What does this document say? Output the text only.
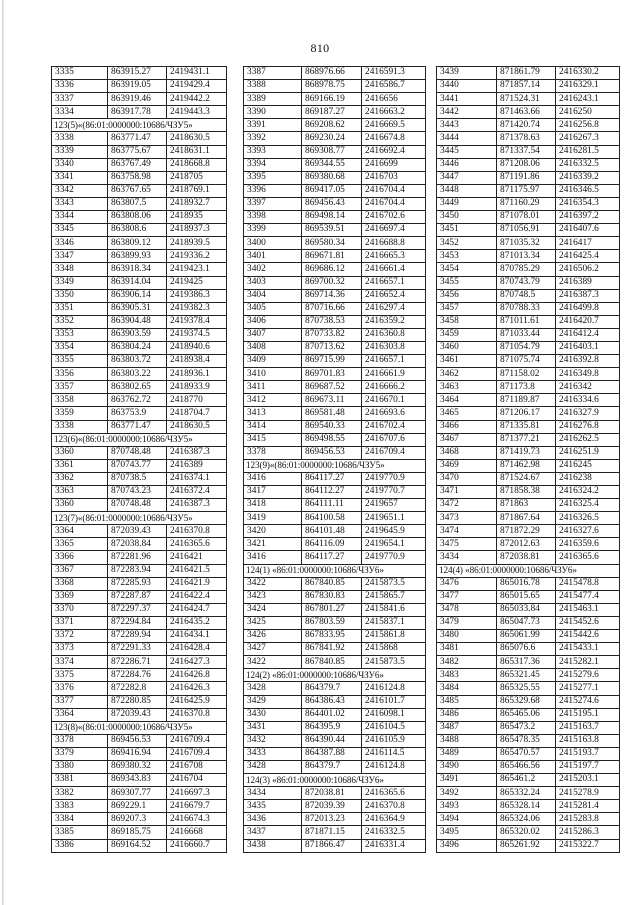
810
3335	863915.27	2419431.1
3336	863919.05	2419429.4
3337	863919.46	2419442.2
3334	863917.78	2419443.3
123(5)«(86:01:0000000:10686/ЧЗУ5»		
3338	863771.47	2418630.5
3339	863775.67	2418631.1
3340	863767.49	2418668.8
3341	863758.98	2418705
3342	863767.65	2418769.1
3343	863807.5	2418932.7
3344	863808.06	2418935
3345	863808.6	2418937.3
3346	863809.12	2418939.5
3347	863899.93	2419336.2
3348	863918.34	2419423.1
3349	863914.04	2419425
3350	863906.14	2419386.3
3351	863905.31	2419382.3
3352	863904.48	2419378.4
3353	863903.59	2419374.5
3354	863804.24	2418940.6
3355	863803.72	2418938.4
3356	863803.22	2418936.1
3357	863802.65	2418933.9
3358	863762.72	2418770
3359	863753.9	2418704.7
3338	863771.47	2418630.5
123(6)«(86:01:0000000:10686/ЧЗУ5»		
3360	870748.48	2416387.3
3361	870743.77	2416389
3362	870738.5	2416374.1
3363	870743.23	2416372.4
3360	870748.48	2416387.3
123(7)«(86:01:0000000:10686/ЧЗУ5»		
3364	872039.43	2416370.8
3365	872038.84	2416365.6
3366	872281.96	2416421
3367	872283.94	2416421.5
3368	872285.93	2416421.9
3369	872287.87	2416422.4
3370	872297.37	2416424.7
3371	872294.84	2416435.2
3372	872289.94	2416434.1
3373	872291.33	2416428.4
3374	872286.71	2416427.3
3375	872284.76	2416426.8
3376	872282.8	2416426.3
3377	872280.85	2416425.9
3364	872039.43	2416370.8
123(8)«(86:01:0000000:10686/ЧЗУ5»		
3378	869456.53	2416709.4
3379	869416.94	2416709.4
3380	869380.32	2416708
3381	869343.83	2416704
3382	869307.77	2416697.3
3383	869229.1	2416679.7
3384	869207.3	2416674.3
3385	869185.75	2416668
3386	869164.52	2416660.7
3387	868976.66	2416591.3
3388	868978.75	2416586.7
3389	869166.19	2416656
3390	869187.27	2416663.2
3391	869208.62	2416669.5
3392	869230.24	2416674.8
3393	869308.77	2416692.4
3394	869344.55	2416699
3395	869380.68	2416703
3396	869417.05	2416704.4
3397	869456.43	2416704.4
3398	869498.14	2416702.6
3399	869539.51	2416697.4
3400	869580.34	2416688.8
3401	869671.81	2416665.3
3402	869686.12	2416661.4
3403	869700.32	2416657.1
3404	869714.36	2416652.4
3405	870716.66	2416297.4
3406	870738.53	2416359.2
3407	870733.82	2416360.8
3408	870713.62	2416303.8
3409	869715.99	2416657.1
3410	869701.83	2416661.9
3411	869687.52	2416666.2
3412	869673.11	2416670.1
3413	869581.48	2416693.6
3414	869540.33	2416702.4
3415	869498.55	2416707.6
3378	869456.53	2416709.4
123(9)«(86:01:0000000:10686/ЧЗУ5»		
3416	864117.27	2419770.9
3417	864112.27	2419770.7
3418	864111.11	2419657
3419	864100.58	2419651.1
3420	864101.48	2419645.9
3421	864116.09	2419654.1
3416	864117.27	2419770.9
124(1) «86:01:0000000:10686/ЧЗУ6»		
3422	867840.85	2415873.5
3423	867830.83	2415865.7
3424	867801.27	2415841.6
3425	867803.59	2415837.1
3426	867833.95	2415861.8
3427	867841.92	2415868
3422	867840.85	2415873.5
124(2) «86:01:0000000:10686/ЧЗУ6»		
3428	864379.7	2416124.8
3429	864386.43	2416101.7
3430	864401.02	2416098.1
3431	864395.9	2416104.5
3432	864390.44	2416105.9
3433	864387.88	2416114.5
3428	864379.7	2416124.8
124(3) «86:01:0000000:10686/ЧЗУ6»		
3434	872038.81	2416365.6
3435	872039.39	2416370.8
3436	872013.23	2416364.9
3437	871871.15	2416332.5
3438	871866.47	2416331.4
3439	871861.79	2416330.2
3440	871857.14	2416329.1
3441	871524.31	2416243.1
3442	871463.66	2416250
3443	871420.74	2416256.8
3444	871378.63	2416267.3
3445	871337.54	2416281.5
3446	871208.06	2416332.5
3447	871191.86	2416339.2
3448	871175.97	2416346.5
3449	871160.29	2416354.3
3450	871078.01	2416397.2
3451	871056.91	2416407.6
3452	871035.32	2416417
3453	871013.34	2416425.4
3454	870785.29	2416506.2
3455	870743.79	2416389
3456	870748.5	2416387.3
3457	870788.33	2416499.8
3458	871011.61	2416420.7
3459	871033.44	2416412.4
3460	871054.79	2416403.1
3461	871075.74	2416392.8
3462	871158.02	2416349.8
3463	871173.8	2416342
3464	871189.87	2416334.6
3465	871206.17	2416327.9
3466	871335.81	2416276.8
3467	871377.21	2416262.5
3468	871419.73	2416251.9
3469	871462.98	2416245
3470	871524.67	2416238
3471	871858.38	2416324.2
3472	871863	2416325.4
3473	871867.64	2416326.5
3474	871872.29	2416327.6
3475	872012.63	2416359.6
3434	872038.81	2416365.6
124(4) «86:01:0000000:10686/ЧЗУ6»		
3476	865016.78	2415478.8
3477	865015.65	2415477.4
3478	865033.84	2415463.1
3479	865047.73	2415452.6
3480	865061.99	2415442.6
3481	865076.6	2415433.1
3482	865317.36	2415282.1
3483	865321.45	2415279.6
3484	865325.55	2415277.1
3485	865329.68	2415274.6
3486	865465.06	2415195.1
3487	865473.2	2415163.7
3488	865478.35	2415163.8
3489	865470.57	2415193.7
3490	865466.56	2415197.7
3491	865461.2	2415203.1
3492	865332.24	2415278.9
3493	865328.14	2415281.4
3494	865324.06	2415283.8
3495	865320.02	2415286.3
3496	865261.92	2415322.7
